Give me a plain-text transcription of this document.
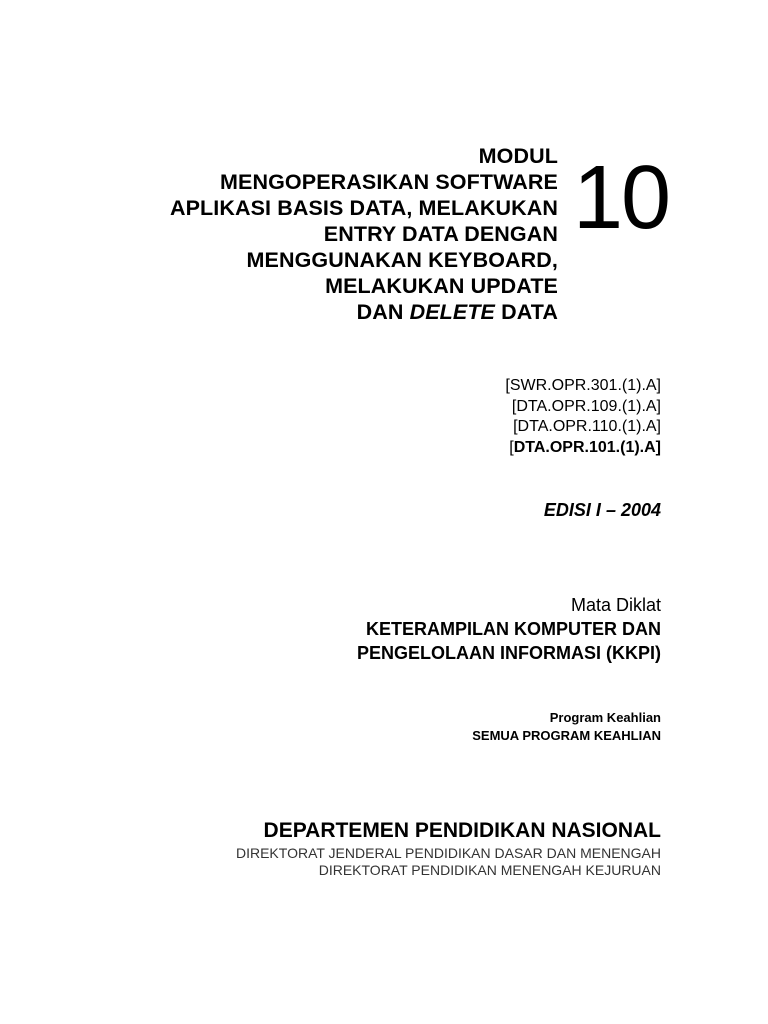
MODUL
MENGOPERASIKAN SOFTWARE
APLIKASI BASIS DATA, MELAKUKAN
ENTRY DATA DENGAN
MENGGUNAKAN KEYBOARD,
MELAKUKAN UPDATE
DAN DELETE DATA
10
[SWR.OPR.301.(1).A]
[DTA.OPR.109.(1).A]
[DTA.OPR.110.(1).A]
[DTA.OPR.101.(1).A]
EDISI I – 2004
Mata Diklat
KETERAMPILAN KOMPUTER DAN
PENGELOLAAN INFORMASI (KKPI)
Program Keahlian
SEMUA PROGRAM KEAHLIAN
DEPARTEMEN PENDIDIKAN NASIONAL
DIREKTORAT JENDERAL PENDIDIKAN DASAR DAN MENENGAH
DIREKTORAT PENDIDIKAN MENENGAH KEJURUAN
